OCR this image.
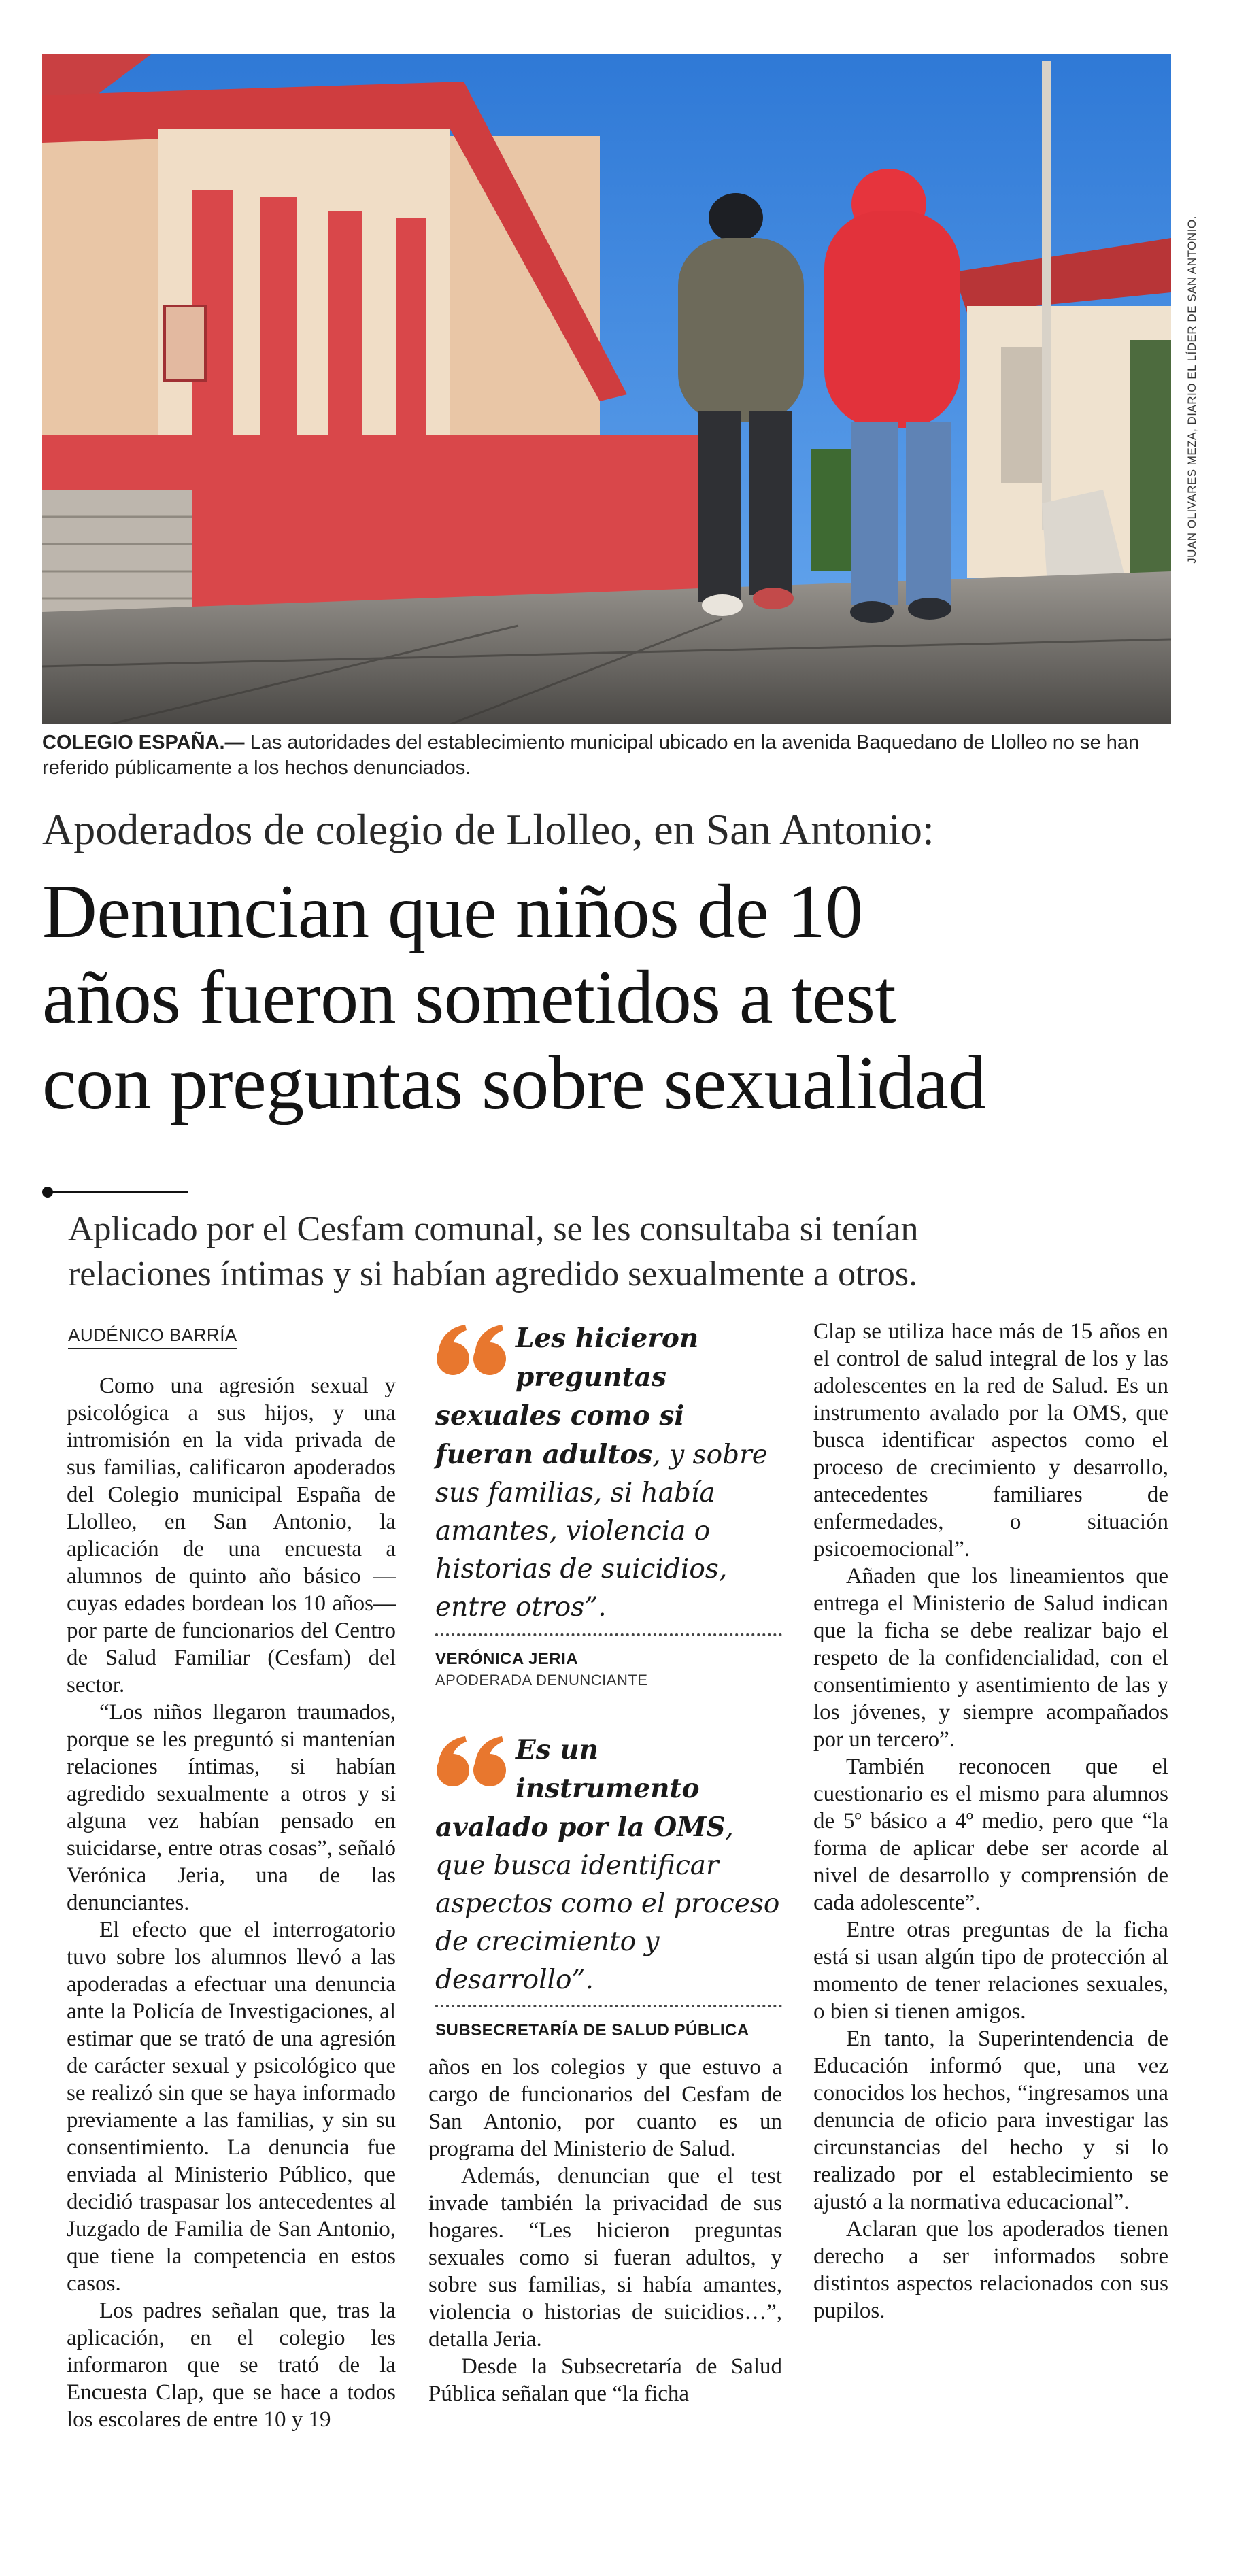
JUAN OLIVARES MEZA, DIARIO EL LÍDER DE SAN ANTONIO.
COLEGIO ESPAÑA.— Las autoridades del establecimiento municipal ubicado en la avenida Baquedano de Llolleo no se han referido públicamente a los hechos denunciados.
Apoderados de colegio de Llolleo, en San Antonio:
Denuncian que niños de 10
años fueron sometidos a test
con preguntas sobre sexualidad
Aplicado por el Cesfam comunal, se les consultaba si tenían
relaciones íntimas y si habían agredido sexualmente a otros.
AUDÉNICO BARRÍA

Como una agresión sexual y psicológica a sus hijos, y una intromisión en la vida privada de sus familias, calificaron apoderados del Colegio municipal España de Llolleo, en San Antonio, la aplicación de una encuesta a alumnos de quinto año básico —cuyas edades bordean los 10 años— por parte de funcionarios del Centro de Salud Familiar (Cesfam) del sector.

“Los niños llegaron traumados, porque se les preguntó si mantenían relaciones íntimas, si habían agredido sexualmente a otros y si alguna vez habían pensado en suicidarse, entre otras cosas”, señaló Verónica Jeria, una de las denunciantes.

El efecto que el interrogatorio tuvo sobre los alumnos llevó a las apoderadas a efectuar una denuncia ante la Policía de Investigaciones, al estimar que se trató de una agresión de carácter sexual y psicológico que se realizó sin que se haya informado previamente a las familias, y sin su consentimiento. La denuncia fue enviada al Ministerio Público, que decidió traspasar los antecedentes al Juzgado de Familia de San Antonio, que tiene la competencia en estos casos.

Los padres señalan que, tras la aplicación, en el colegio les informaron que se trató de la Encuesta Clap, que se hace a todos los escolares de entre 10 y 19

Les hicieron preguntas sexuales como si fueran adultos, y sobre sus familias, si había amantes, violencia o historias de suicidios, entre otros”.
VERÓNICA JERIA
APODERADA DENUNCIANTE
Es un instrumento avalado por la OMS, que busca identificar aspectos como el proceso de crecimiento y desarrollo”.
SUBSECRETARÍA DE SALUD PÚBLICA

años en los colegios y que estuvo a cargo de funcionarios del Cesfam de San Antonio, por cuanto es un programa del Ministerio de Salud.

Además, denuncian que el test invade también la privacidad de sus hogares. “Les hicieron preguntas sexuales como si fueran adultos, y sobre sus familias, si había amantes, violencia o historias de suicidios…”, detalla Jeria.

Desde la Subsecretaría de Salud Pública señalan que “la ficha

Clap se utiliza hace más de 15 años en el control de salud integral de los y las adolescentes en la red de Salud. Es un instrumento avalado por la OMS, que busca identificar aspectos como el proceso de crecimiento y desarrollo, antecedentes familiares de enfermedades, o situación psicoemocional”.

Añaden que los lineamientos que entrega el Ministerio de Salud indican que la ficha se debe realizar bajo el respeto de la confidencialidad, con el consentimiento y asentimiento de las y los jóvenes, y siempre acompañados por un tercero”.

También reconocen que el cuestionario es el mismo para alumnos de 5º básico a 4º medio, pero que “la forma de aplicar debe ser acorde al nivel de desarrollo y comprensión de cada adolescente”.

Entre otras preguntas de la ficha está si usan algún tipo de protección al momento de tener relaciones sexuales, o bien si tienen amigos.

En tanto, la Superintendencia de Educación informó que, una vez conocidos los hechos, “ingresamos una denuncia de oficio para investigar las circunstancias del hecho y si lo realizado por el establecimiento se ajustó a la normativa educacional”.

Aclaran que los apoderados tienen derecho a ser informados sobre distintos aspectos relacionados con sus pupilos.
